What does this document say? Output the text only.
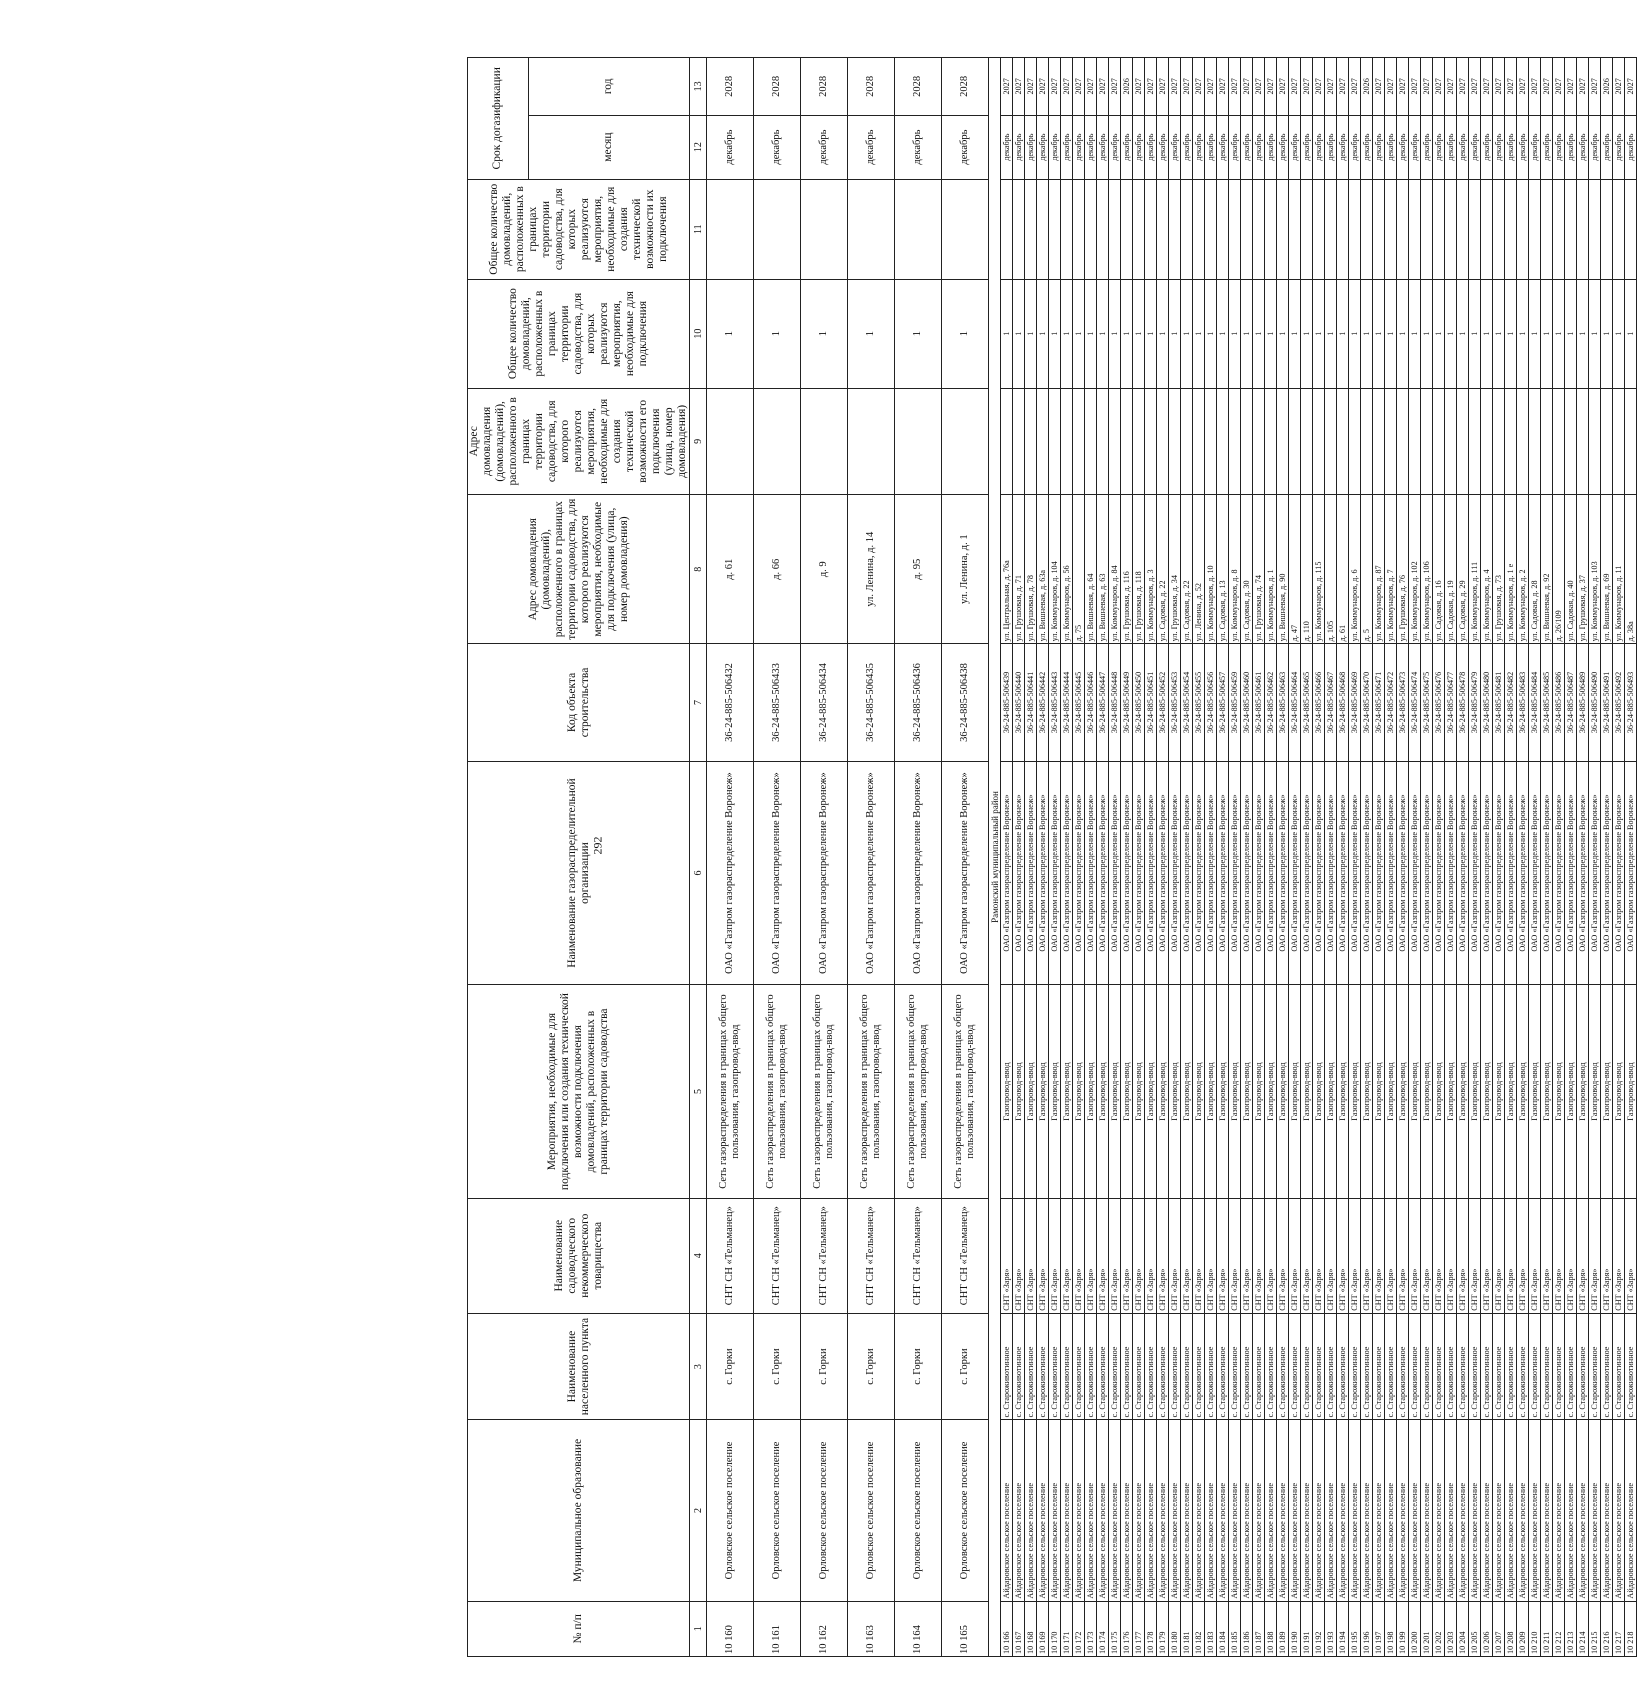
292
№ п/п	Муниципальное образование	Наименование населенного пункта	Наименование садоводческого некоммерческого товарищества	Мероприятия, необходимые для подключения или создания технической возможности подключения домовладений, расположенных в границах территории садоводства	Наименование газораспределительной организации	Код объекта строительства	Адрес домовладения (домовладений), расположенного в границах территории садоводства, для которого реализуются мероприятия, необходимые для подключения (улица, номер домовладения)	Адрес домовладения (домовладений), расположенного в границах территории садоводства, для которого реализуются мероприятия, необходимые для создания технической возможности его подключения (улица, номер домовладения)	Общее количество домовладений, расположенных в границах территории садоводства, для которых реализуются мероприятия, необходимые для подключения	Общее количество домовладений, расположенных в границах территории садоводства, для которых реализуются мероприятия, необходимые для создания технической возможности их подключения	Срок догазификации	
											месяц	год
1	2	3	4	5	6	7	8	9	10	11	12	13
10 160	Орловское сельское поселение	с. Горки	СНТ СН «Тельманец»	Сеть газораспределения в границах общего пользования, газопровод-ввод	ОАО «Газпром газораспределение Воронеж»	36-24-885-506432	д. 61		1		декабрь	2028
10 161	Орловское сельское поселение	с. Горки	СНТ СН «Тельманец»	Сеть газораспределения в границах общего пользования, газопровод-ввод	ОАО «Газпром газораспределение Воронеж»	36-24-885-506433	д. 66		1		декабрь	2028
10 162	Орловское сельское поселение	с. Горки	СНТ СН «Тельманец»	Сеть газораспределения в границах общего пользования, газопровод-ввод	ОАО «Газпром газораспределение Воронеж»	36-24-885-506434	д. 9		1		декабрь	2028
10 163	Орловское сельское поселение	с. Горки	СНТ СН «Тельманец»	Сеть газораспределения в границах общего пользования, газопровод-ввод	ОАО «Газпром газораспределение Воронеж»	36-24-885-506435	ул. Ленина, д. 14		1		декабрь	2028
10 164	Орловское сельское поселение	с. Горки	СНТ СН «Тельманец»	Сеть газораспределения в границах общего пользования, газопровод-ввод	ОАО «Газпром газораспределение Воронеж»	36-24-885-506436	д. 95		1		декабрь	2028
10 165	Орловское сельское поселение	с. Горки	СНТ СН «Тельманец»	Сеть газораспределения в границах общего пользования, газопровод-ввод	ОАО «Газпром газораспределение Воронеж»	36-24-885-506438	ул. Ленина, д. 1		1		декабрь	2028
Рамонский муниципальный район												
10 166	Айдаровское сельское поселение	с. Староживотинное	СНТ «Заря»	Газопровод-ввод	ОАО «Газпром газораспределение Воронеж»	36-24-885-506439	ул. Центральная, д. 76а		1		декабрь	2027
10 167	Айдаровское сельское поселение	с. Староживотинное	СНТ «Заря»	Газопровод-ввод	ОАО «Газпром газораспределение Воронеж»	36-24-885-506440	ул. Грушовая, д. 71		1		декабрь	2027
10 168	Айдаровское сельское поселение	с. Староживотинное	СНТ «Заря»	Газопровод-ввод	ОАО «Газпром газораспределение Воронеж»	36-24-885-506441	ул. Грушовая, д. 78		1		декабрь	2027
10 169	Айдаровское сельское поселение	с. Староживотинное	СНТ «Заря»	Газопровод-ввод	ОАО «Газпром газораспределение Воронеж»	36-24-885-506442	ул. Вишневая, д. 63а		1		декабрь	2027
10 170	Айдаровское сельское поселение	с. Староживотинное	СНТ «Заря»	Газопровод-ввод	ОАО «Газпром газораспределение Воронеж»	36-24-885-506443	ул. Коммунаров, д. 104		1		декабрь	2027
10 171	Айдаровское сельское поселение	с. Староживотинное	СНТ «Заря»	Газопровод-ввод	ОАО «Газпром газораспределение Воронеж»	36-24-885-506444	ул. Коммунаров, д. 56		1		декабрь	2027
10 172	Айдаровское сельское поселение	с. Староживотинное	СНТ «Заря»	Газопровод-ввод	ОАО «Газпром газораспределение Воронеж»	36-24-885-506445	д. 75		1		декабрь	2027
10 173	Айдаровское сельское поселение	с. Староживотинное	СНТ «Заря»	Газопровод-ввод	ОАО «Газпром газораспределение Воронеж»	36-24-885-506446	ул. Вишневая, д. 64		1		декабрь	2027
10 174	Айдаровское сельское поселение	с. Староживотинное	СНТ «Заря»	Газопровод-ввод	ОАО «Газпром газораспределение Воронеж»	36-24-885-506447	ул. Вишневая, д. 63		1		декабрь	2027
10 175	Айдаровское сельское поселение	с. Староживотинное	СНТ «Заря»	Газопровод-ввод	ОАО «Газпром газораспределение Воронеж»	36-24-885-506448	ул. Коммунаров, д. 84		1		декабрь	2027
10 176	Айдаровское сельское поселение	с. Староживотинное	СНТ «Заря»	Газопровод-ввод	ОАО «Газпром газораспределение Воронеж»	36-24-885-506449	ул. Грушовая, д. 116		1		декабрь	2026
10 177	Айдаровское сельское поселение	с. Староживотинное	СНТ «Заря»	Газопровод-ввод	ОАО «Газпром газораспределение Воронеж»	36-24-885-506450	ул. Грушовая, д. 118		1		декабрь	2027
10 178	Айдаровское сельское поселение	с. Староживотинное	СНТ «Заря»	Газопровод-ввод	ОАО «Газпром газораспределение Воронеж»	36-24-885-506451	ул. Коммунаров, д. 3		1		декабрь	2027
10 179	Айдаровское сельское поселение	с. Староживотинное	СНТ «Заря»	Газопровод-ввод	ОАО «Газпром газораспределение Воронеж»	36-24-885-506452	ул. Садовая, д. 22		1		декабрь	2027
10 180	Айдаровское сельское поселение	с. Староживотинное	СНТ «Заря»	Газопровод-ввод	ОАО «Газпром газораспределение Воронеж»	36-24-885-506453	ул. Грушовая, д. 34		1		декабрь	2027
10 181	Айдаровское сельское поселение	с. Староживотинное	СНТ «Заря»	Газопровод-ввод	ОАО «Газпром газораспределение Воронеж»	36-24-885-506454	ул. Садовая, д. 22		1		декабрь	2027
10 182	Айдаровское сельское поселение	с. Староживотинное	СНТ «Заря»	Газопровод-ввод	ОАО «Газпром газораспределение Воронеж»	36-24-885-506455	ул. Ленина, д. 52		1		декабрь	2027
10 183	Айдаровское сельское поселение	с. Староживотинное	СНТ «Заря»	Газопровод-ввод	ОАО «Газпром газораспределение Воронеж»	36-24-885-506456	ул. Коммунаров, д. 10		1		декабрь	2027
10 184	Айдаровское сельское поселение	с. Староживотинное	СНТ «Заря»	Газопровод-ввод	ОАО «Газпром газораспределение Воронеж»	36-24-885-506457	ул. Садовая, д. 13		1		декабрь	2027
10 185	Айдаровское сельское поселение	с. Староживотинное	СНТ «Заря»	Газопровод-ввод	ОАО «Газпром газораспределение Воронеж»	36-24-885-506459	ул. Коммунаров, д. 8		1		декабрь	2027
10 186	Айдаровское сельское поселение	с. Староживотинное	СНТ «Заря»	Газопровод-ввод	ОАО «Газпром газораспределение Воронеж»	36-24-885-506460	ул. Садовая, д. 30		1		декабрь	2027
10 187	Айдаровское сельское поселение	с. Староживотинное	СНТ «Заря»	Газопровод-ввод	ОАО «Газпром газораспределение Воронеж»	36-24-885-506461	ул. Грушовая, д. 74		1		декабрь	2027
10 188	Айдаровское сельское поселение	с. Староживотинное	СНТ «Заря»	Газопровод-ввод	ОАО «Газпром газораспределение Воронеж»	36-24-885-506462	ул. Коммунаров, д. 1		1		декабрь	2027
10 189	Айдаровское сельское поселение	с. Староживотинное	СНТ «Заря»	Газопровод-ввод	ОАО «Газпром газораспределение Воронеж»	36-24-885-506463	ул. Вишневая, д. 90		1		декабрь	2027
10 190	Айдаровское сельское поселение	с. Староживотинное	СНТ «Заря»	Газопровод-ввод	ОАО «Газпром газораспределение Воронеж»	36-24-885-506464	д. 47		1		декабрь	2027
10 191	Айдаровское сельское поселение	с. Староживотинное	СНТ «Заря»	Газопровод-ввод	ОАО «Газпром газораспределение Воронеж»	36-24-885-506465	д. 110		1		декабрь	2027
10 192	Айдаровское сельское поселение	с. Староживотинное	СНТ «Заря»	Газопровод-ввод	ОАО «Газпром газораспределение Воронеж»	36-24-885-506466	ул. Коммунаров, д. 115		1		декабрь	2027
10 193	Айдаровское сельское поселение	с. Староживотинное	СНТ «Заря»	Газопровод-ввод	ОАО «Газпром газораспределение Воронеж»	36-24-885-506467	д. 105		1		декабрь	2027
10 194	Айдаровское сельское поселение	с. Староживотинное	СНТ «Заря»	Газопровод-ввод	ОАО «Газпром газораспределение Воронеж»	36-24-885-506468	д. 61		1		декабрь	2027
10 195	Айдаровское сельское поселение	с. Староживотинное	СНТ «Заря»	Газопровод-ввод	ОАО «Газпром газораспределение Воронеж»	36-24-885-506469	ул. Коммунаров, д. 6		1		декабрь	2027
10 196	Айдаровское сельское поселение	с. Староживотинное	СНТ «Заря»	Газопровод-ввод	ОАО «Газпром газораспределение Воронеж»	36-24-885-506470	д. 5		1		декабрь	2026
10 197	Айдаровское сельское поселение	с. Староживотинное	СНТ «Заря»	Газопровод-ввод	ОАО «Газпром газораспределение Воронеж»	36-24-885-506471	ул. Коммунаров, д. 87		1		декабрь	2027
10 198	Айдаровское сельское поселение	с. Староживотинное	СНТ «Заря»	Газопровод-ввод	ОАО «Газпром газораспределение Воронеж»	36-24-885-506472	ул. Коммунаров, д. 7		1		декабрь	2027
10 199	Айдаровское сельское поселение	с. Староживотинное	СНТ «Заря»	Газопровод-ввод	ОАО «Газпром газораспределение Воронеж»	36-24-885-506473	ул. Грушовая, д. 76		1		декабрь	2027
10 200	Айдаровское сельское поселение	с. Староживотинное	СНТ «Заря»	Газопровод-ввод	ОАО «Газпром газораспределение Воронеж»	36-24-885-506474	ул. Коммунаров, д. 102		1		декабрь	2027
10 201	Айдаровское сельское поселение	с. Староживотинное	СНТ «Заря»	Газопровод-ввод	ОАО «Газпром газораспределение Воронеж»	36-24-885-506475	ул. Коммунаров, д. 106		1		декабрь	2027
10 202	Айдаровское сельское поселение	с. Староживотинное	СНТ «Заря»	Газопровод-ввод	ОАО «Газпром газораспределение Воронеж»	36-24-885-506476	ул. Садовая, д. 16		1		декабрь	2027
10 203	Айдаровское сельское поселение	с. Староживотинное	СНТ «Заря»	Газопровод-ввод	ОАО «Газпром газораспределение Воронеж»	36-24-885-506477	ул. Садовая, д. 19		1		декабрь	2027
10 204	Айдаровское сельское поселение	с. Староживотинное	СНТ «Заря»	Газопровод-ввод	ОАО «Газпром газораспределение Воронеж»	36-24-885-506478	ул. Садовая, д. 29		1		декабрь	2027
10 205	Айдаровское сельское поселение	с. Староживотинное	СНТ «Заря»	Газопровод-ввод	ОАО «Газпром газораспределение Воронеж»	36-24-885-506479	ул. Коммунаров, д. 111		1		декабрь	2027
10 206	Айдаровское сельское поселение	с. Староживотинное	СНТ «Заря»	Газопровод-ввод	ОАО «Газпром газораспределение Воронеж»	36-24-885-506480	ул. Коммунаров, д. 4		1		декабрь	2027
10 207	Айдаровское сельское поселение	с. Староживотинное	СНТ «Заря»	Газопровод-ввод	ОАО «Газпром газораспределение Воронеж»	36-24-885-506481	ул. Грушовая, д. 73		1		декабрь	2027
10 208	Айдаровское сельское поселение	с. Староживотинное	СНТ «Заря»	Газопровод-ввод	ОАО «Газпром газораспределение Воронеж»	36-24-885-506482	ул. Коммунаров, д. 1 е		1		декабрь	2027
10 209	Айдаровское сельское поселение	с. Староживотинное	СНТ «Заря»	Газопровод-ввод	ОАО «Газпром газораспределение Воронеж»	36-24-885-506483	ул. Коммунаров, д. 2		1		декабрь	2027
10 210	Айдаровское сельское поселение	с. Староживотинное	СНТ «Заря»	Газопровод-ввод	ОАО «Газпром газораспределение Воронеж»	36-24-885-506484	ул. Садовая, д. 28		1		декабрь	2027
10 211	Айдаровское сельское поселение	с. Староживотинное	СНТ «Заря»	Газопровод-ввод	ОАО «Газпром газораспределение Воронеж»	36-24-885-506485	ул. Вишневая, д. 92		1		декабрь	2027
10 212	Айдаровское сельское поселение	с. Староживотинное	СНТ «Заря»	Газопровод-ввод	ОАО «Газпром газораспределение Воронеж»	36-24-885-506486	д. 26/109		1		декабрь	2027
10 213	Айдаровское сельское поселение	с. Староживотинное	СНТ «Заря»	Газопровод-ввод	ОАО «Газпром газораспределение Воронеж»	36-24-885-506487	ул. Садовая, д. 40		1		декабрь	2027
10 214	Айдаровское сельское поселение	с. Староживотинное	СНТ «Заря»	Газопровод-ввод	ОАО «Газпром газораспределение Воронеж»	36-24-885-506489	ул. Грушовая, д. 37		1		декабрь	2027
10 215	Айдаровское сельское поселение	с. Староживотинное	СНТ «Заря»	Газопровод-ввод	ОАО «Газпром газораспределение Воронеж»	36-24-885-506490	ул. Коммунаров, д. 103		1		декабрь	2027
10 216	Айдаровское сельское поселение	с. Староживотинное	СНТ «Заря»	Газопровод-ввод	ОАО «Газпром газораспределение Воронеж»	36-24-885-506491	ул. Вишневая, д. 69		1		декабрь	2026
10 217	Айдаровское сельское поселение	с. Староживотинное	СНТ «Заря»	Газопровод-ввод	ОАО «Газпром газораспределение Воронеж»	36-24-885-506492	ул. Коммунаров, д. 11		1		декабрь	2027
10 218	Айдаровское сельское поселение	с. Староживотинное	СНТ «Заря»	Газопровод-ввод	ОАО «Газпром газораспределение Воронеж»	36-24-885-506493	д. 38а		1		декабрь	2027
